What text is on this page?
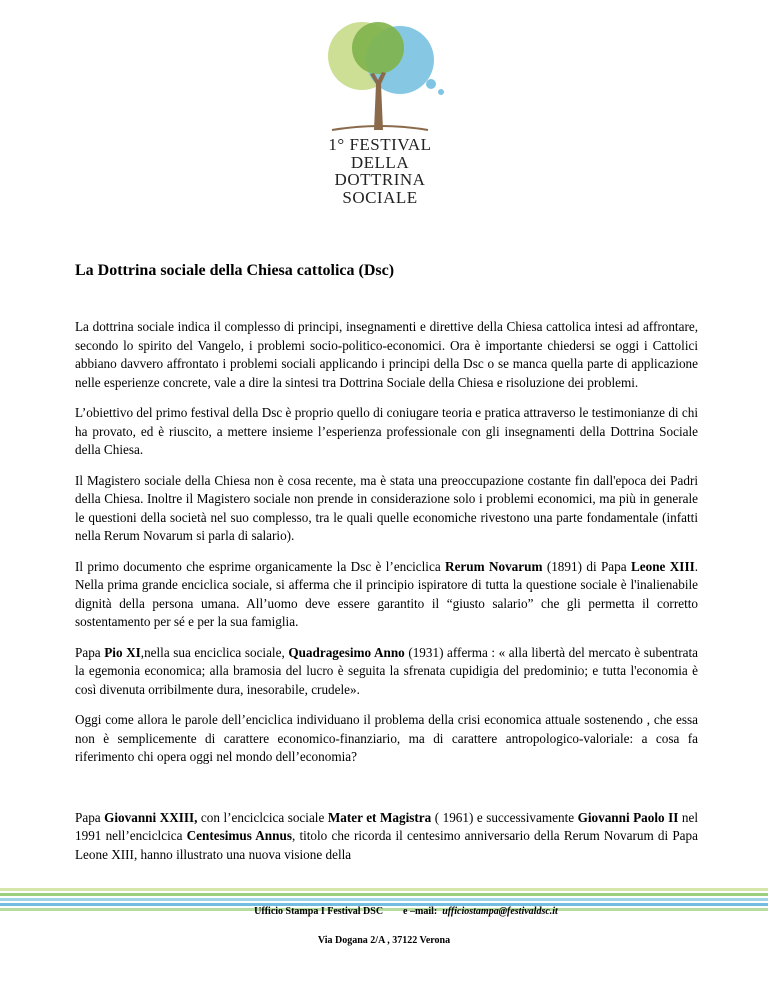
1° FESTIVAL
DELLA
DOTTRINA
SOCIALE
La Dottrina sociale della Chiesa cattolica (Dsc)

La dottrina sociale indica il complesso di principi, insegnamenti e direttive della Chiesa cattolica intesi ad affrontare, secondo lo spirito del Vangelo, i problemi socio-politico-economici. Ora è importante chiedersi se oggi i Cattolici abbiano davvero affrontato i problemi sociali applicando i principi della Dsc o se manca quella parte di applicazione nelle esperienze concrete, vale a dire la sintesi tra Dottrina Sociale della Chiesa e risoluzione dei problemi.

L’obiettivo del primo festival della Dsc è proprio quello di coniugare teoria e pratica attraverso le testimonianze di chi ha provato, ed è riuscito, a mettere insieme l’esperienza professionale con gli insegnamenti della Dottrina Sociale della Chiesa.

Il Magistero sociale della Chiesa non è cosa recente, ma è stata una preoccupazione costante fin dall'epoca dei Padri della Chiesa. Inoltre il Magistero sociale non prende in considerazione solo i problemi economici, ma più in generale le questioni della società nel suo complesso, tra le quali quelle economiche rivestono una parte fondamentale (infatti nella Rerum Novarum si parla di salario).

Il primo documento che esprime organicamente la Dsc è l’enciclica Rerum Novarum (1891) di Papa Leone XIII. Nella prima grande enciclica sociale, si afferma che il principio ispiratore di tutta la questione sociale è l'inalienabile dignità della persona umana. All’uomo deve essere garantito il “giusto salario” che gli permetta il corretto sostentamento per sé e per la sua famiglia.

Papa Pio XI,nella sua enciclica sociale, Quadragesimo Anno (1931) afferma : « alla libertà del mercato è subentrata la egemonia economica; alla bramosia del lucro è seguita la sfrenata cupidigia del predominio; e tutta l'economia è così divenuta orribilmente dura, inesorabile, crudele».

Oggi come allora le parole dell’enciclica individuano il problema della crisi economica attuale sostenendo , che essa non è semplicemente di carattere economico-finanziario, ma di carattere antropologico-valoriale: a cosa fa riferimento chi opera oggi nel mondo dell’economia?

Papa Giovanni XXIII, con l’enciclcica sociale Mater et Magistra ( 1961) e successivamente Giovanni Paolo II nel 1991 nell’enciclcica Centesimus Annus, titolo che ricorda il centesimo anniversario della Rerum Novarum di Papa Leone XIII, hanno illustrato una nuova visione della

Ufficio Stampa I Festival DSC e –mail: ufficiostampa@festivaldsc.it
Via Dogana 2/A , 37122 Verona
